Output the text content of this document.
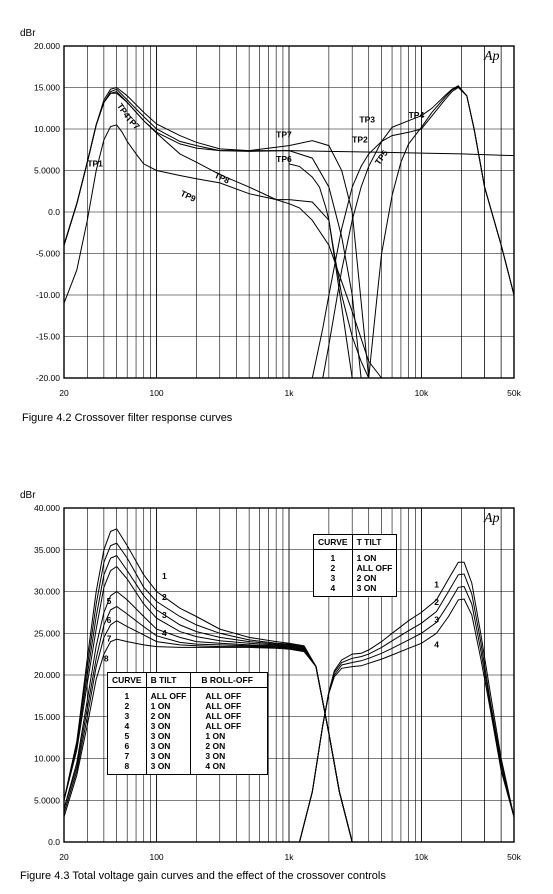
20.000
15.000
10.000
5.0000
0.0
-5.000
-10.00
-15.00
-20.00
20	100	1k	10k	50k
dBr
Ap
TP1
TP4
TP7
TP8
TP9
TP7
TP6
TP3
TP2
TP5
TP4
40.000
35.000
30.000
25.000
20.000
15.000
10.000
5.0000
0.0
20	100	1k	10k	50k
dBr
Ap
1
2
3
4
5
6
7
8
1
2
3
4
Figure 4.2 Crossover filter response curves
Figure 4.3 Total voltage gain curves and the effect of the crossover controls
CURVE	T TILT
1	1 ON
2	ALL OFF
3	2 ON
4	3 ON
CURVE	B TILT	B ROLL-OFF
1	ALL OFF	ALL OFF
2	1 ON	ALL OFF
3	2 ON	ALL OFF
4	3 ON	ALL OFF
5	3 ON	1 ON
6	3 ON	2 ON
7	3 ON	3 ON
8	3 ON	4 ON
